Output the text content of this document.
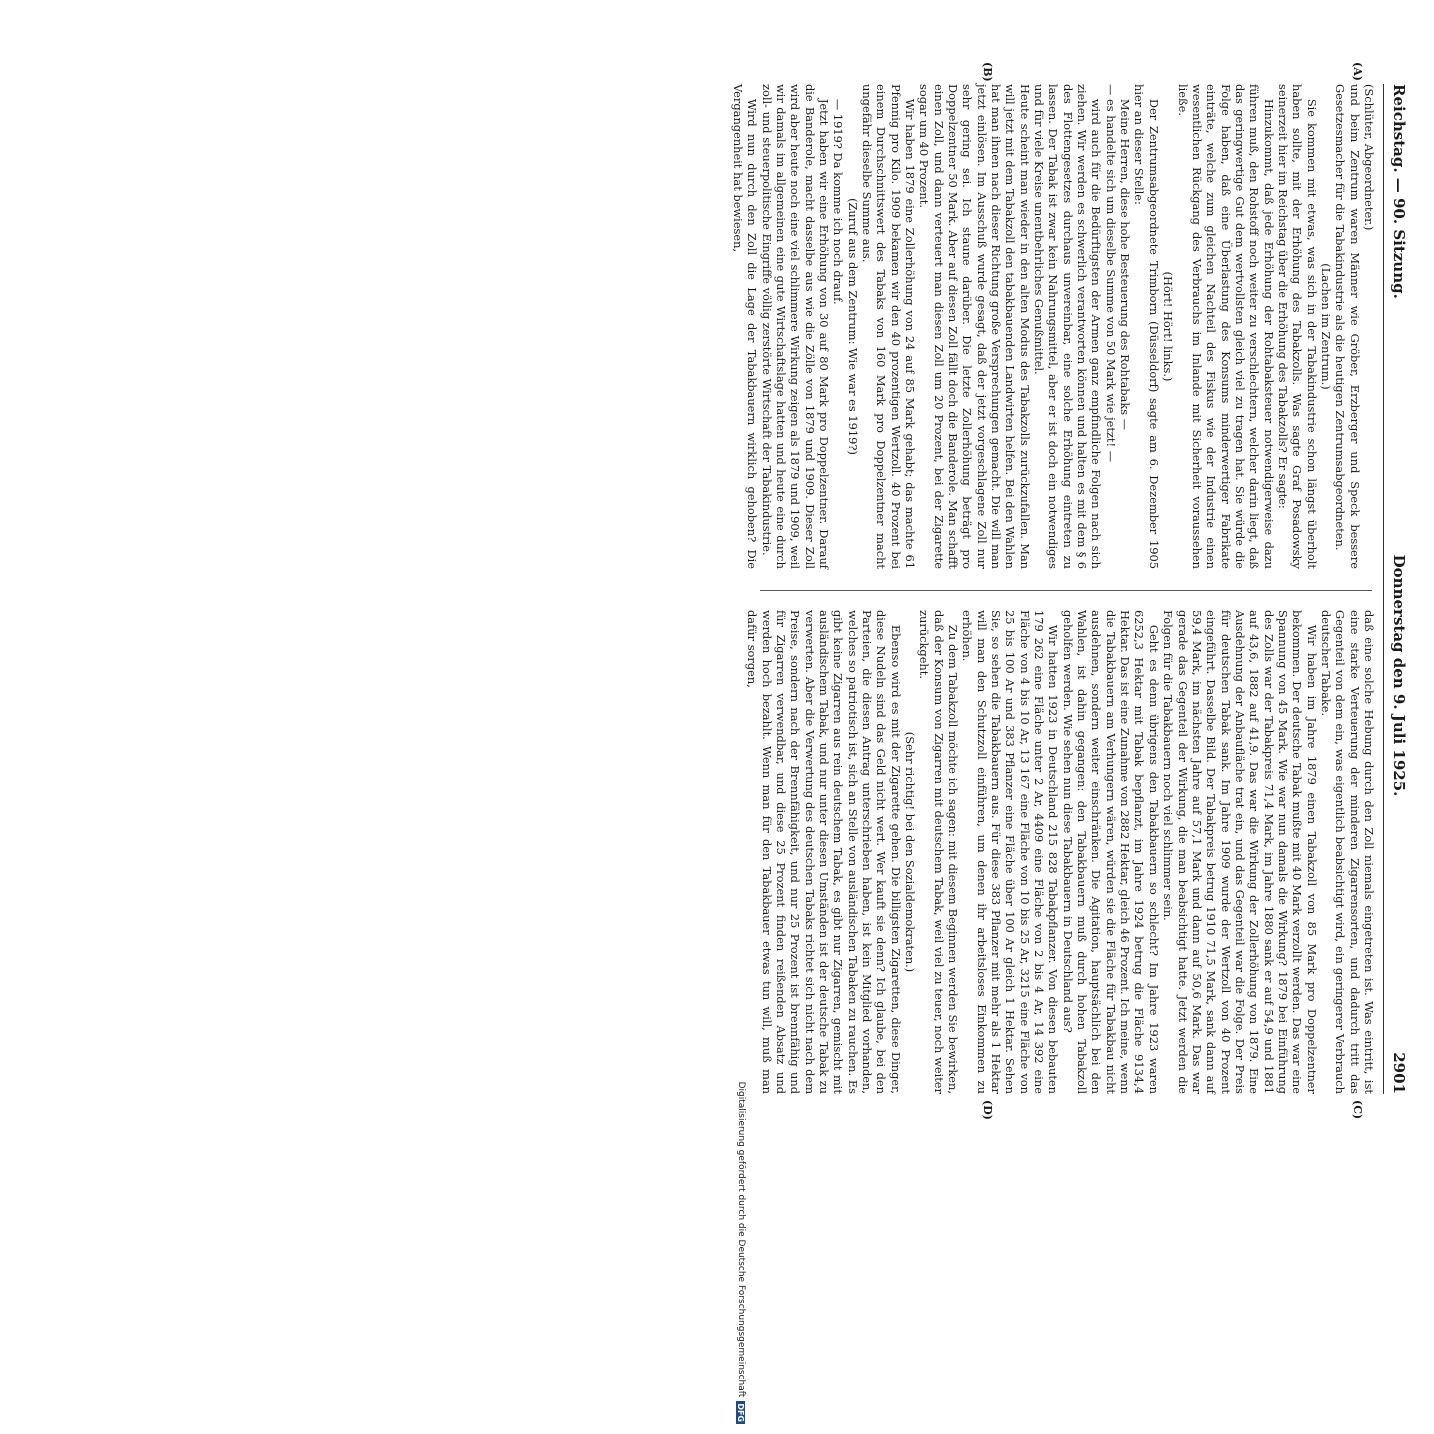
Reichstag. — 90. Sitzung.
Donnerstag den 9. Juli 1925.
2901
(A)
(B)
(C)
(D)

(Schlüter, Abgeordneter.)

und beim Zentrum waren Männer wie Gröber, Erzberger und Speck bessere Gesetzesmacher für die Tabakindustrie als die heutigen Zentrumsabgeordneten.

(Lachen im Zentrum.)

Sie kommen mit etwas, was sich in der Tabakindustrie schon längst überholt haben sollte, mit der Erhöhung des Tabakzolls. Was sagte Graf Posadowsky seinerzeit hier im Reichstag über die Erhöhung des Tabakzolls? Er sagte:

Hinzukommt, daß jede Erhöhung der Rohtabaksteuer notwendigerweise dazu führen muß, den Rohstoff noch weiter zu verschlechtern, welcher darin liegt, daß das geringwertige Gut dem wertvollsten gleich viel zu tragen hat. Sie würde die Folge haben, daß eine Überlastung des Konsums minderwertiger Fabrikate einträte, welche zum gleichen Nachteil des Fiskus wie der Industrie einen wesentlichen Rückgang des Verbrauchs im Inlande mit Sicherheit voraussehen ließe.

(Hört! Hört! links.)

Der Zentrumsabgeordnete Trimborn (Düsseldorf) sagte am 6. Dezember 1905 hier an dieser Stelle:

Meine Herren, diese hohe Besteuerung des Rohtabaks —

— es handelte sich um dieselbe Summe von 50 Mark wie jetzt! —

wird auch für die Bedürftigsten der Armen ganz empfindliche Folgen nach sich ziehen. Wir werden es schwerlich verantworten können und halten es mit dem § 6 des Flottengesetzes durchaus unvereinbar, eine solche Erhöhung eintreten zu lassen. Der Tabak ist zwar kein Nahrungsmittel, aber er ist doch ein notwendiges und für viele Kreise unentbehrliches Genußmittel.

Heute scheint man wieder in den alten Modus des Tabakzolls zurückzufallen. Man will jetzt mit dem Tabakzoll den tabakbauenden Landwirten helfen. Bei den Wahlen hat man ihnen nach dieser Richtung große Versprechungen gemacht. Die will man jetzt einlösen. Im Ausschuß wurde gesagt, daß der jetzt vorgeschlagene Zoll nur sehr gering sei. Ich staune darüber. Die letzte Zollerhöhung beträgt pro Doppelzentner 50 Mark. Aber auf diesen Zoll fällt doch die Banderole. Man schafft einen Zoll, und dann verteuert man diesen Zoll um 20 Prozent, bei der Zigarette sogar um 40 Prozent.

Wir haben 1879 eine Zollerhöhung von 24 auf 85 Mark gehabt; das machte 61 Pfennig pro Kilo. 1909 bekamen wir den 40 prozentigen Wertzoll. 40 Prozent bei einem Durchschnittswert des Tabaks von 160 Mark pro Doppelzentner macht ungefähr dieselbe Summe aus.

(Zuruf aus dem Zentrum: Wie war es 1919?)

— 1919? Da komme ich noch drauf.

Jetzt haben wir eine Erhöhung von 30 auf 80 Mark pro Doppelzentner. Darauf die Banderole, macht dasselbe aus wie die Zölle von 1879 und 1909. Dieser Zoll wird aber heute noch eine viel schlimmere Wirkung zeigen als 1879 und 1909, weil wir damals im allgemeinen eine gute Wirtschaftslage hatten und heute eine durch zoll- und steuerpolitische Eingriffe völlig zerstörte Wirtschaft der Tabakindustrie.

Wird nun durch den Zoll die Lage der Tabakbauern wirklich gehoben? Die Vergangenheit hat bewiesen,

daß eine solche Hebung durch den Zoll niemals eingetreten ist. Was eintritt, ist eine starke Verteuerung der minderen Zigarrensorten, und dadurch tritt das Gegenteil von dem ein, was eigentlich beabsichtigt wird, ein geringerer Verbrauch deutscher Tabake.

Wir haben im Jahre 1879 einen Tabakzoll von 85 Mark pro Doppelzentner bekommen. Der deutsche Tabak mußte mit 40 Mark verzollt werden. Das war eine Spannung von 45 Mark. Wie war nun damals die Wirkung? 1879 bei Einführung des Zolls war der Tabakpreis 71,4 Mark, im Jahre 1880 sank er auf 54,9 und 1881 auf 43,6, 1882 auf 41,9. Das war die Wirkung der Zollerhöhung von 1879. Eine Ausdehnung der Anbaufläche trat ein, und das Gegenteil war die Folge. Der Preis für deutschen Tabak sank. Im Jahre 1909 wurde der Wertzoll von 40 Prozent eingeführt. Dasselbe Bild. Der Tabakpreis betrug 1910 71,5 Mark, sank dann auf 59,4 Mark, im nächsten Jahre auf 57,1 Mark und dann auf 50,6 Mark. Das war gerade das Gegenteil der Wirkung, die man beabsichtigt hatte. Jetzt werden die Folgen für die Tabakbauern noch viel schlimmer sein.

Geht es denn übrigens den Tabakbauern so schlecht? Im Jahre 1923 waren 6252,3 Hektar mit Tabak bepflanzt, im Jahre 1924 betrug die Fläche 9134,4 Hektar. Das ist eine Zunahme von 2882 Hektar, gleich 46 Prozent. Ich meine, wenn die Tabakbauern am Verhungern wären, würden sie die Fläche für Tabakbau nicht ausdehnen, sondern weiter einschränken. Die Agitation, hauptsächlich bei den Wahlen, ist dahin gegangen: den Tabakbauern muß durch hohen Tabakzoll geholfen werden. Wie sehen nun diese Tabakbauern in Deutschland aus?

Wir hatten 1923 in Deutschland 215 828 Tabakpflanzer. Von diesen bebauten 179 262 eine Fläche unter 2 Ar, 4409 eine Fläche von 2 bis 4 Ar, 14 392 eine Fläche von 4 bis 10 Ar, 13 167 eine Fläche von 10 bis 25 Ar, 3215 eine Fläche von 25 bis 100 Ar und 383 Pflanzer eine Fläche über 100 Ar gleich 1 Hektar. Sehen Sie, so sehen die Tabakbauern aus. Für diese 383 Pflanzer mit mehr als 1 Hektar will man den Schutzzoll einführen, um denen ihr arbeitsloses Einkommen zu erhöhen.

Zu dem Tabakzoll möchte ich sagen: mit diesem Beginnen werden Sie bewirken, daß der Konsum von Zigarren mit deutschem Tabak, weil viel zu teuer, noch weiter zurückgeht.

(Sehr richtig! bei den Sozialdemokraten.)

Ebenso wird es mit der Zigarette gehen. Die billigsten Zigaretten, diese Dinger, diese Nudeln sind das Geld nicht wert. Wer kauft sie denn? Ich glaube, bei den Parteien, die diesen Antrag unterschrieben haben, ist kein Mitglied vorhanden, welches so patriotisch ist, sich an Stelle von ausländischen Tabaken zu rauchen. Es gibt keine Zigarren aus rein deutschem Tabak, es gibt nur Zigarren, gemischt mit ausländischem Tabak, und nur unter diesen Umständen ist der deutsche Tabak zu verwerten. Aber die Verwertung des deutschen Tabaks richtet sich nicht nach dem Preise, sondern nach der Brennfähigkeit, und nur 25 Prozent ist brennfähig und für Zigarren verwendbar, und diese 25 Prozent finden reißenden Absatz und werden hoch bezahlt. Wenn man für den Tabakbauer etwas tun will, muß man dafür sorgen,

Digitalisierung gefördert durch die Deutsche Forschungsgemeinschaft
DFG
